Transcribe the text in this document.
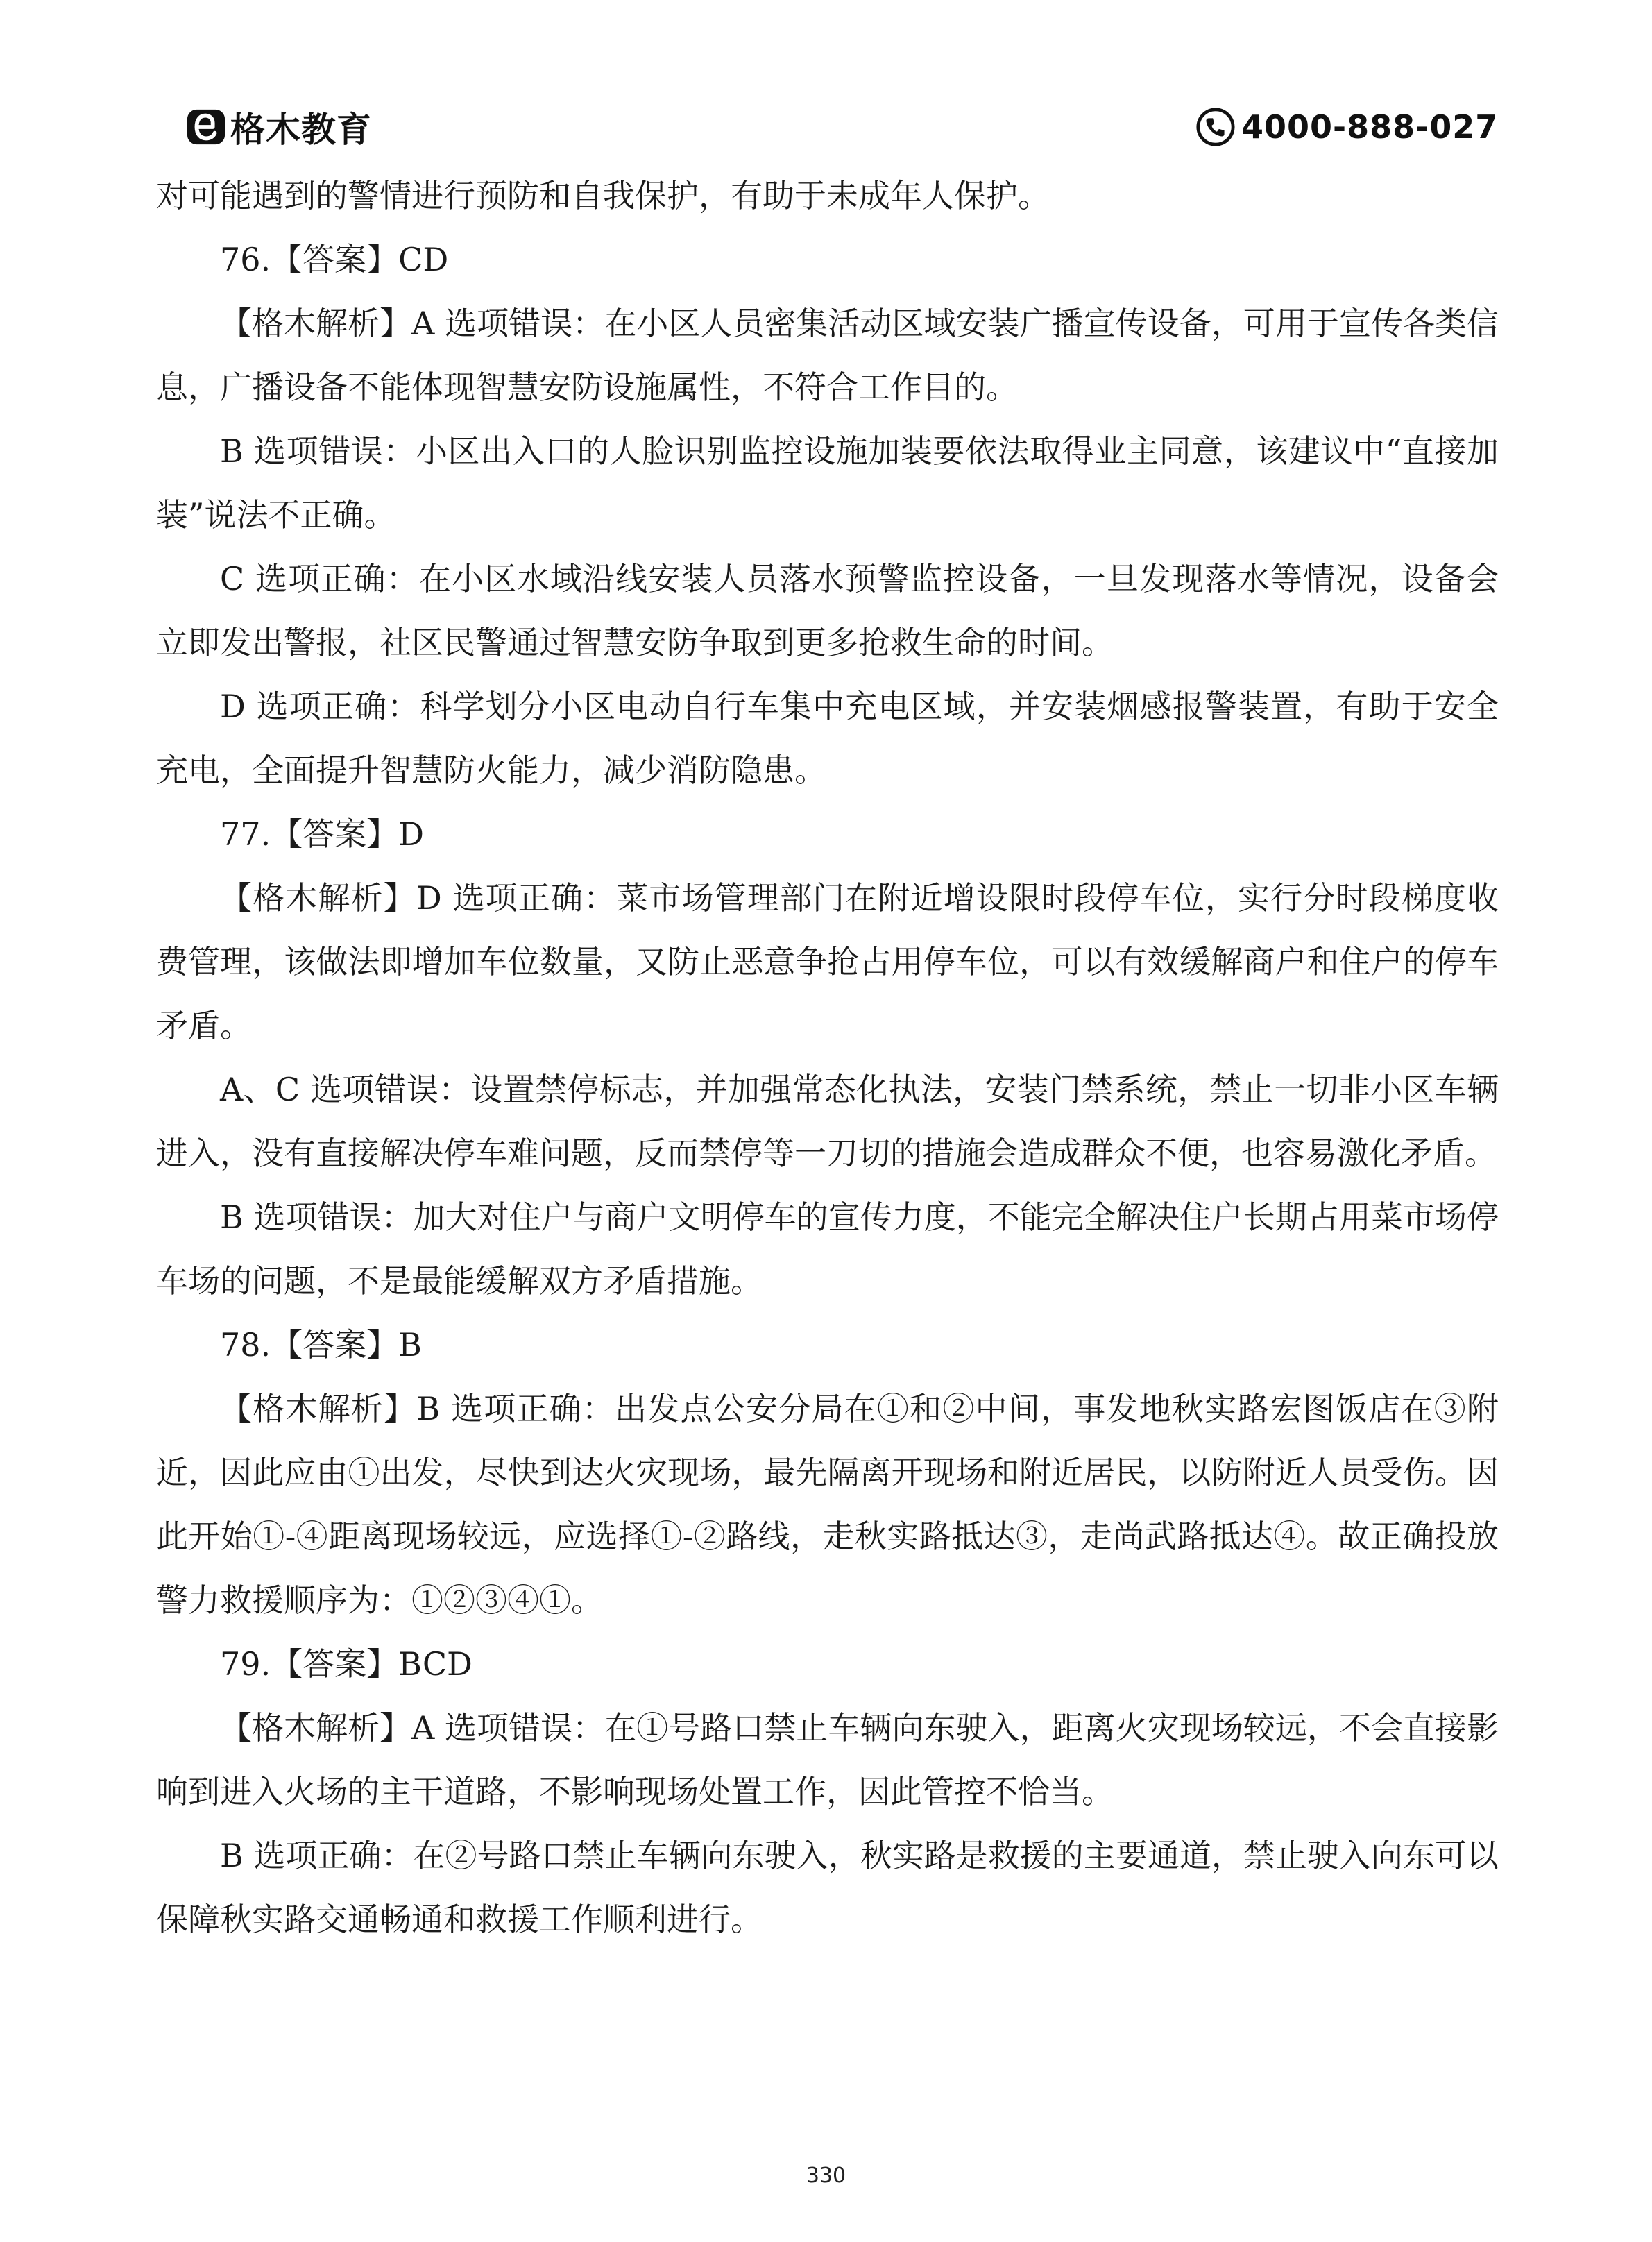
格木教育	4000-888-027

对可能遇到的警情进行预防和自我保护，有助于未成年人保护。

76.【答案】CD

【格木解析】A 选项错误：在小区人员密集活动区域安装广播宣传设备，可用于宣传各类信息，广播设备不能体现智慧安防设施属性，不符合工作目的。

B 选项错误：小区出入口的人脸识别监控设施加装要依法取得业主同意，该建议中“直接加装”说法不正确。

C 选项正确：在小区水域沿线安装人员落水预警监控设备，一旦发现落水等情况，设备会立即发出警报，社区民警通过智慧安防争取到更多抢救生命的时间。

D 选项正确：科学划分小区电动自行车集中充电区域，并安装烟感报警装置，有助于安全充电，全面提升智慧防火能力，减少消防隐患。

77.【答案】D

【格木解析】D 选项正确：菜市场管理部门在附近增设限时段停车位，实行分时段梯度收费管理，该做法即增加车位数量，又防止恶意争抢占用停车位，可以有效缓解商户和住户的停车矛盾。

A、C 选项错误：设置禁停标志，并加强常态化执法，安装门禁系统，禁止一切非小区车辆进入，没有直接解决停车难问题，反而禁停等一刀切的措施会造成群众不便，也容易激化矛盾。

B 选项错误：加大对住户与商户文明停车的宣传力度，不能完全解决住户长期占用菜市场停车场的问题，不是最能缓解双方矛盾措施。

78.【答案】B

【格木解析】B 选项正确：出发点公安分局在①和②中间，事发地秋实路宏图饭店在③附近，因此应由①出发，尽快到达火灾现场，最先隔离开现场和附近居民，以防附近人员受伤。因此开始①-④距离现场较远，应选择①-②路线，走秋实路抵达③，走尚武路抵达④。故正确投放警力救援顺序为：①②③④①。

79.【答案】BCD

【格木解析】A 选项错误：在①号路口禁止车辆向东驶入，距离火灾现场较远，不会直接影响到进入火场的主干道路，不影响现场处置工作，因此管控不恰当。

B 选项正确：在②号路口禁止车辆向东驶入，秋实路是救援的主要通道，禁止驶入向东可以保障秋实路交通畅通和救援工作顺利进行。

330
